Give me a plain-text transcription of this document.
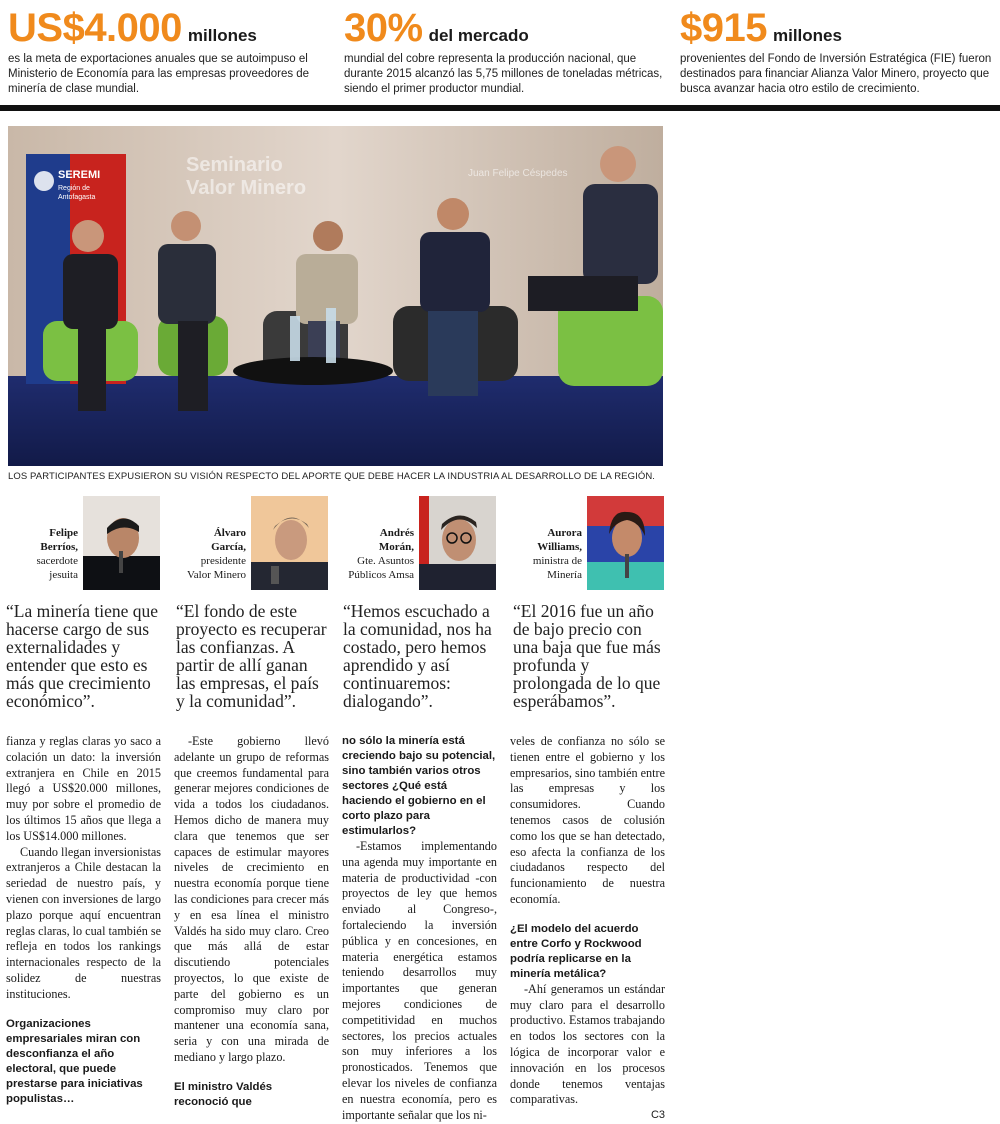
US$4.000 millones
es la meta de exportaciones anuales que se autoimpuso el Ministerio de Economía para las empresas proveedores de minería de clase mundial.
30% del mercado
mundial del cobre representa la producción nacional, que durante 2015 alcanzó las 5,75 millones de toneladas métricas, siendo el primer productor mundial.
$915 millones
provenientes del Fondo de Inversión Estratégica (FIE) fueron destinados para financiar Alianza Valor Minero, proyecto que busca avanzar hacia otro estilo de crecimiento.
Seminario
Valor Minero
Juan Felipe Céspedes
SEREMI
Región de
Antofagasta
LOS PARTICIPANTES EXPUSIERON SU VISIÓN RESPECTO DEL APORTE QUE DEBE HACER LA INDUSTRIA AL DESARROLLO DE LA REGIÓN.
Felipe
Berríos,
sacerdote
jesuita
Álvaro
García,
presidente
Valor Minero
Andrés
Morán,
Gte. Asuntos
Públicos Amsa
Aurora
Williams,
ministra de
Minería
“La minería tiene que hacerse cargo de sus externalidades y entender que esto es más que crecimiento económico”.
“El fondo de este proyecto es recuperar las confianzas. A partir de allí ganan las empresas, el país y la comunidad”.
“Hemos escuchado a la comunidad, nos ha costado, pero hemos aprendido y así continuaremos: dialogando”.
“El 2016 fue un año de bajo precio con una baja que fue más profunda y prolongada de lo que esperábamos”.

fianza y reglas claras yo saco a colación un dato: la inversión extranjera en Chile en 2015 llegó a US$20.000 millones, muy por sobre el promedio de los últimos 15 años que llega a los US$14.000 millones.

Cuando llegan inversionistas extranjeros a Chile destacan la seriedad de nuestro país, y vienen con inversiones de largo plazo porque aquí encuentran reglas claras, lo cual también se refleja en todos los rankings internacionales respecto de la solidez de nuestras instituciones.

Organizaciones empresariales miran con desconfianza el año electoral, que puede prestarse para iniciativas populistas…

-Este gobierno llevó adelante un grupo de reformas que creemos fundamental para generar mejores condiciones de vida a todos los ciudadanos. Hemos dicho de manera muy clara que tenemos que ser capaces de estimular mayores niveles de crecimiento en nuestra economía porque tiene las condiciones para crecer más y en esa línea el ministro Valdés ha sido muy claro. Creo que más allá de estar discutiendo potenciales proyectos, lo que existe de parte del gobierno es un compromiso muy claro por mantener una economía sana, seria y con una mirada de mediano y largo plazo.

El ministro Valdés reconoció que

no sólo la minería está creciendo bajo su potencial, sino también varios otros sectores ¿Qué está haciendo el gobierno en el corto plazo para estimularlos?

-Estamos implementando una agenda muy importante en materia de productividad -con proyectos de ley que hemos enviado al Congreso-, fortaleciendo la inversión pública y en concesiones, en materia energética estamos teniendo desarrollos muy importantes que generan mejores condiciones de competitividad en muchos sectores, los precios actuales son muy inferiores a los pronosticados. Tenemos que elevar los niveles de confianza en nuestra economía, pero es importante señalar que los ni-

veles de confianza no sólo se tienen entre el gobierno y los empresarios, sino también entre las empresas y los consumidores. Cuando tenemos casos de colusión como los que se han detectado, eso afecta la confianza de los ciudadanos respecto del funcionamiento de nuestra economía.

¿El modelo del acuerdo entre Corfo y Rockwood podría replicarse en la minería metálica?

-Ahí generamos un estándar muy claro para el desarrollo productivo. Estamos trabajando en todos los sectores con la lógica de incorporar valor e innovación en los procesos donde tenemos ventajas comparativas.

C3
